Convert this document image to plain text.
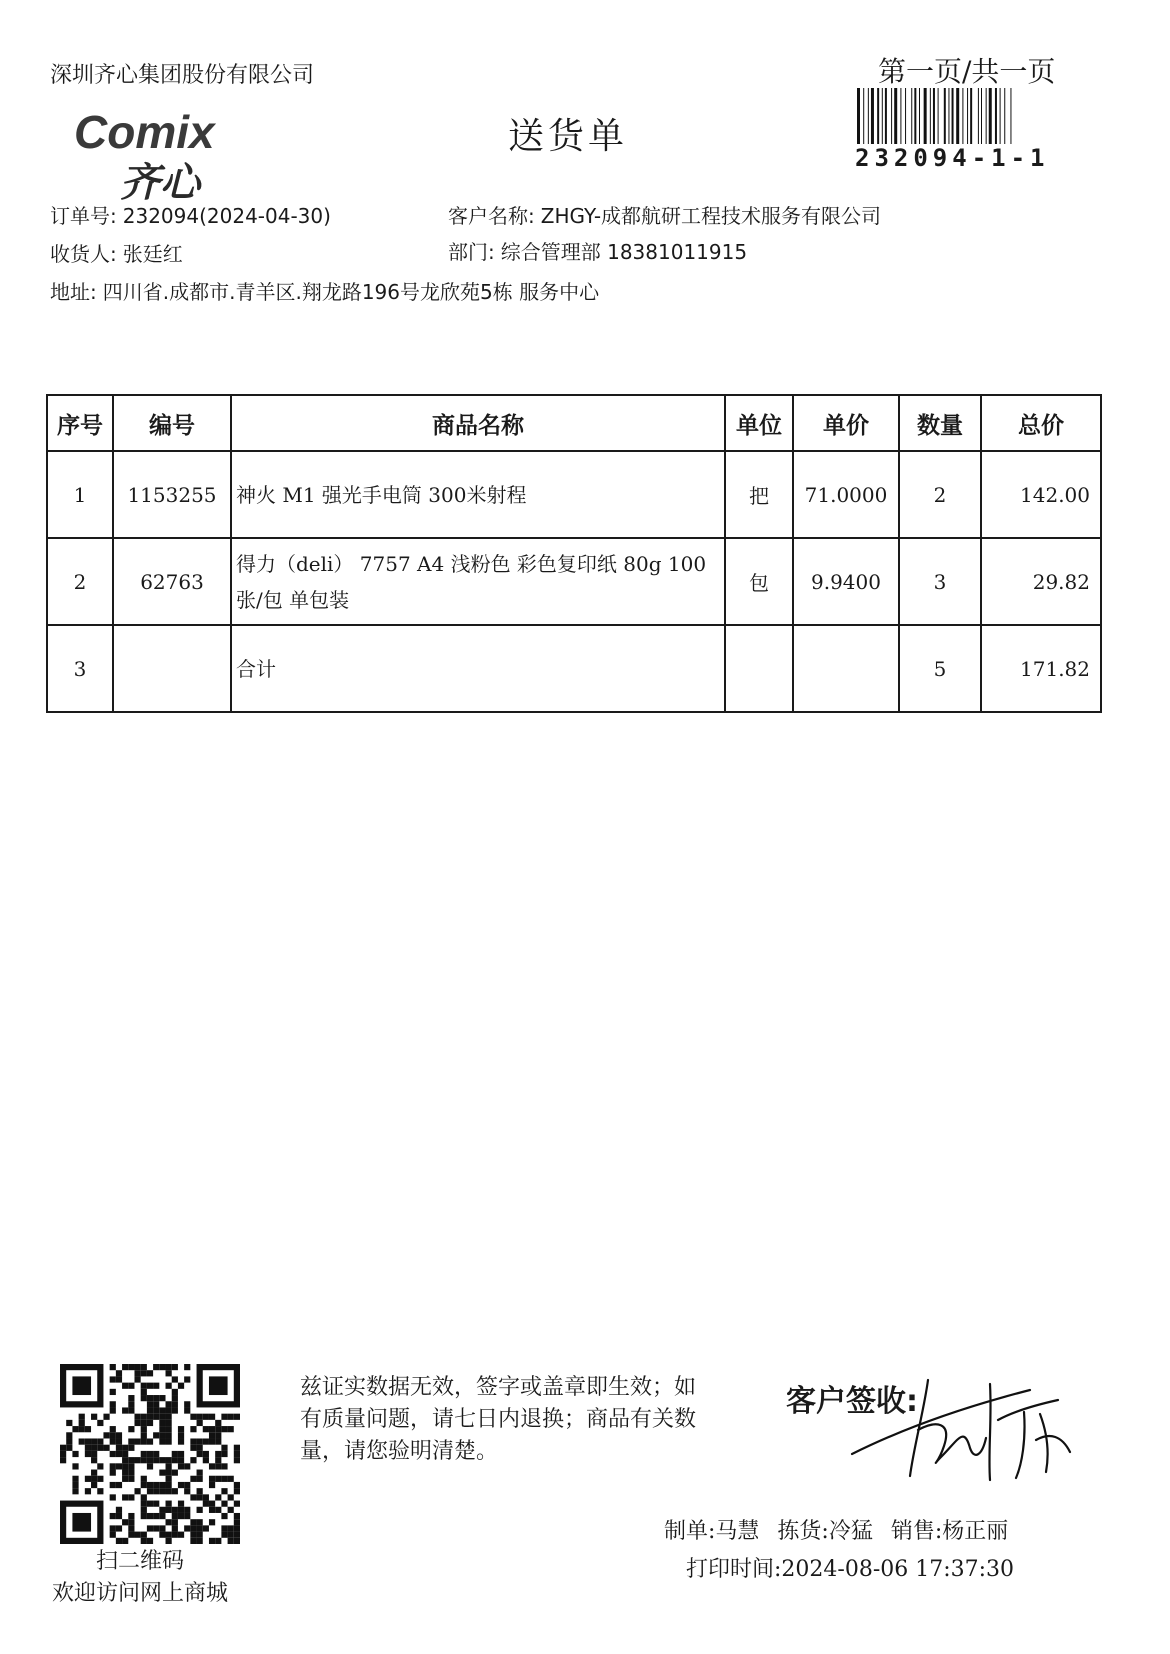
深圳齐心集团股份有限公司
Comix
齐心
送货单
第一页/共一页
232094-1-1
订单号: 232094(2024-04-30)	客户名称: ZHGY-成都航研工程技术服务有限公司
收货人: 张廷红	部门: 综合管理部 18381011915
地址: 四川省.成都市.青羊区.翔龙路196号龙欣苑5栋 服务中心
序号	编号	商品名称	单位	单价	数量	总价
1	1153255	神火 M1 强光手电筒 300米射程	把	71.0000	2	142.00
2	62763	得力（deli） 7757 A4 浅粉色 彩色复印纸 80g 100张/包 单包装	包	9.9400	3	29.82
3		合计			5	171.82
扫二维码
欢迎访问网上商城
兹证实数据无效，签字或盖章即生效；如有质量问题，请七日内退换；商品有关数量，请您验明清楚。
客户签收:
制单:马慧 拣货:冷猛 销售:杨正丽
打印时间:2024-08-06 17:37:30
